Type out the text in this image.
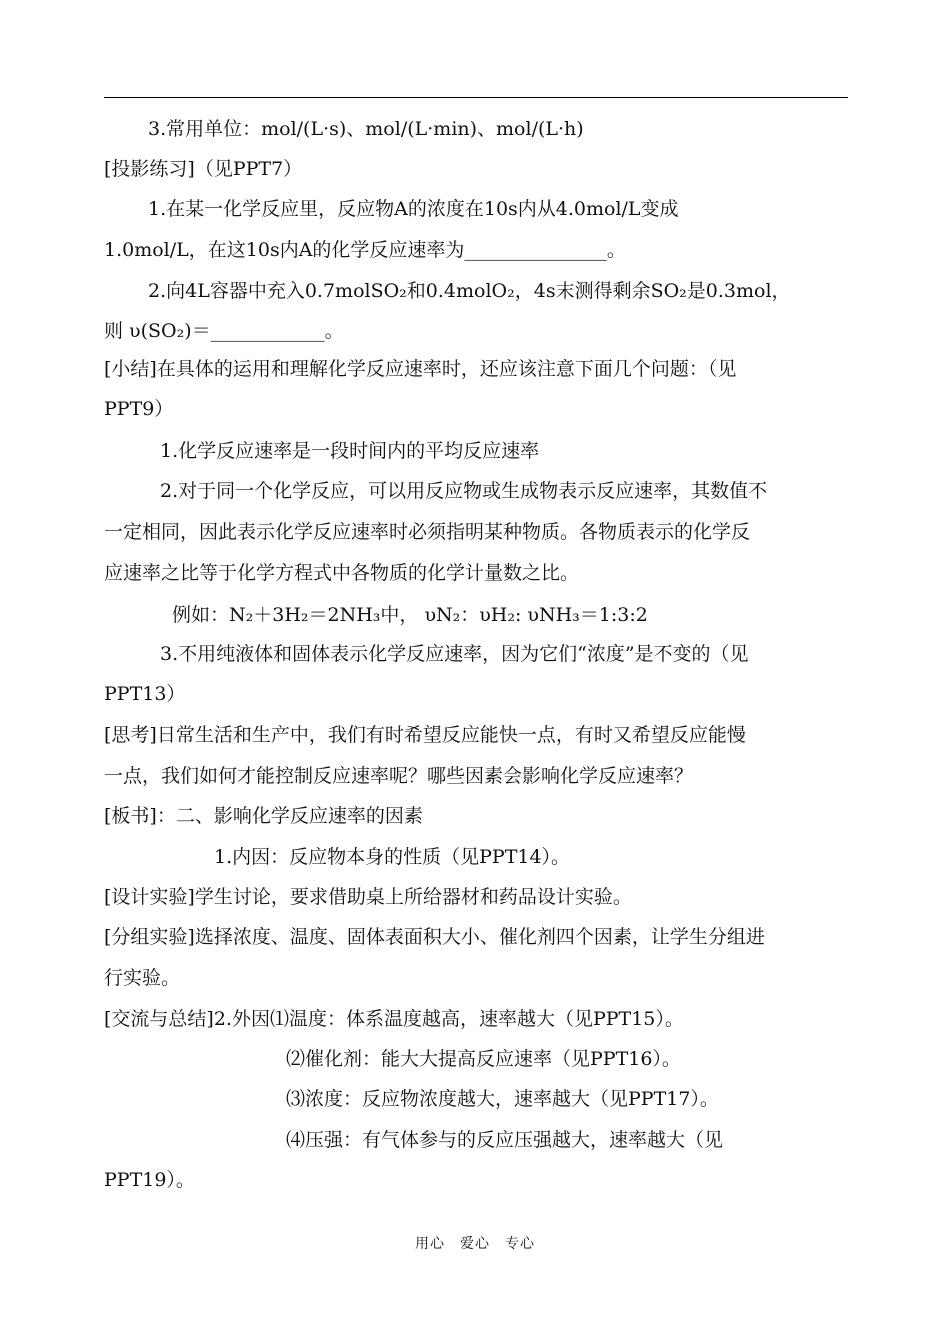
3.常用单位：mol/(L·s)、mol/(L·min)、mol/(L·h)
[投影练习]（见PPT7）
1.在某一化学反应里，反应物A的浓度在10s内从4.0mol/L变成
1.0mol/L，在这10s内A的化学反应速率为_______________。
2.向4L容器中充入0.7molSO₂和0.4molO₂，4s末测得剩余SO₂是0.3mol，
则 υ(SO₂)＝____________。
[小结]在具体的运用和理解化学反应速率时，还应该注意下面几个问题：（见
PPT9）
1.化学反应速率是一段时间内的平均反应速率
2.对于同一个化学反应，可以用反应物或生成物表示反应速率，其数值不
一定相同，因此表示化学反应速率时必须指明某种物质。各物质表示的化学反
应速率之比等于化学方程式中各物质的化学计量数之比。
例如：N₂＋3H₂＝2NH₃中， υN₂：υH₂: υNH₃＝1:3:2
3.不用纯液体和固体表示化学反应速率，因为它们“浓度”是不变的（见
PPT13）
[思考]日常生活和生产中，我们有时希望反应能快一点，有时又希望反应能慢
一点，我们如何才能控制反应速率呢？哪些因素会影响化学反应速率？
[板书]：二、影响化学反应速率的因素
1.内因：反应物本身的性质（见PPT14）。
[设计实验]学生讨论，要求借助桌上所给器材和药品设计实验。
[分组实验]选择浓度、温度、固体表面积大小、催化剂四个因素，让学生分组进
行实验。
[交流与总结]2.外因⑴温度：体系温度越高，速率越大（见PPT15）。
⑵催化剂：能大大提高反应速率（见PPT16）。
⑶浓度：反应物浓度越大，速率越大（见PPT17）。
⑷压强：有气体参与的反应压强越大，速率越大（见
PPT19）。
用心　爱心　专心
